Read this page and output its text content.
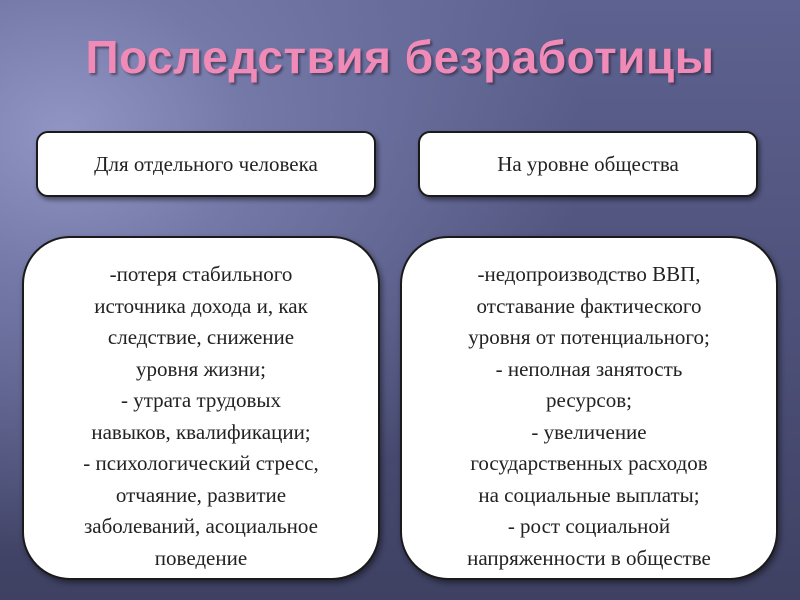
Последствия безработицы
Для отдельного человека	На уровне общества
-потеря стабильного
источника дохода и, как
следствие, снижение
уровня жизни;
- утрата трудовых
навыков, квалификации;
- психологический стресс,
отчаяние, развитие
заболеваний, асоциальное
поведение
-недопроизводство ВВП,
отставание фактического
уровня от потенциального;
- неполная занятость
ресурсов;
- увеличение
государственных расходов
на социальные выплаты;
- рост социальной
напряженности в обществе
